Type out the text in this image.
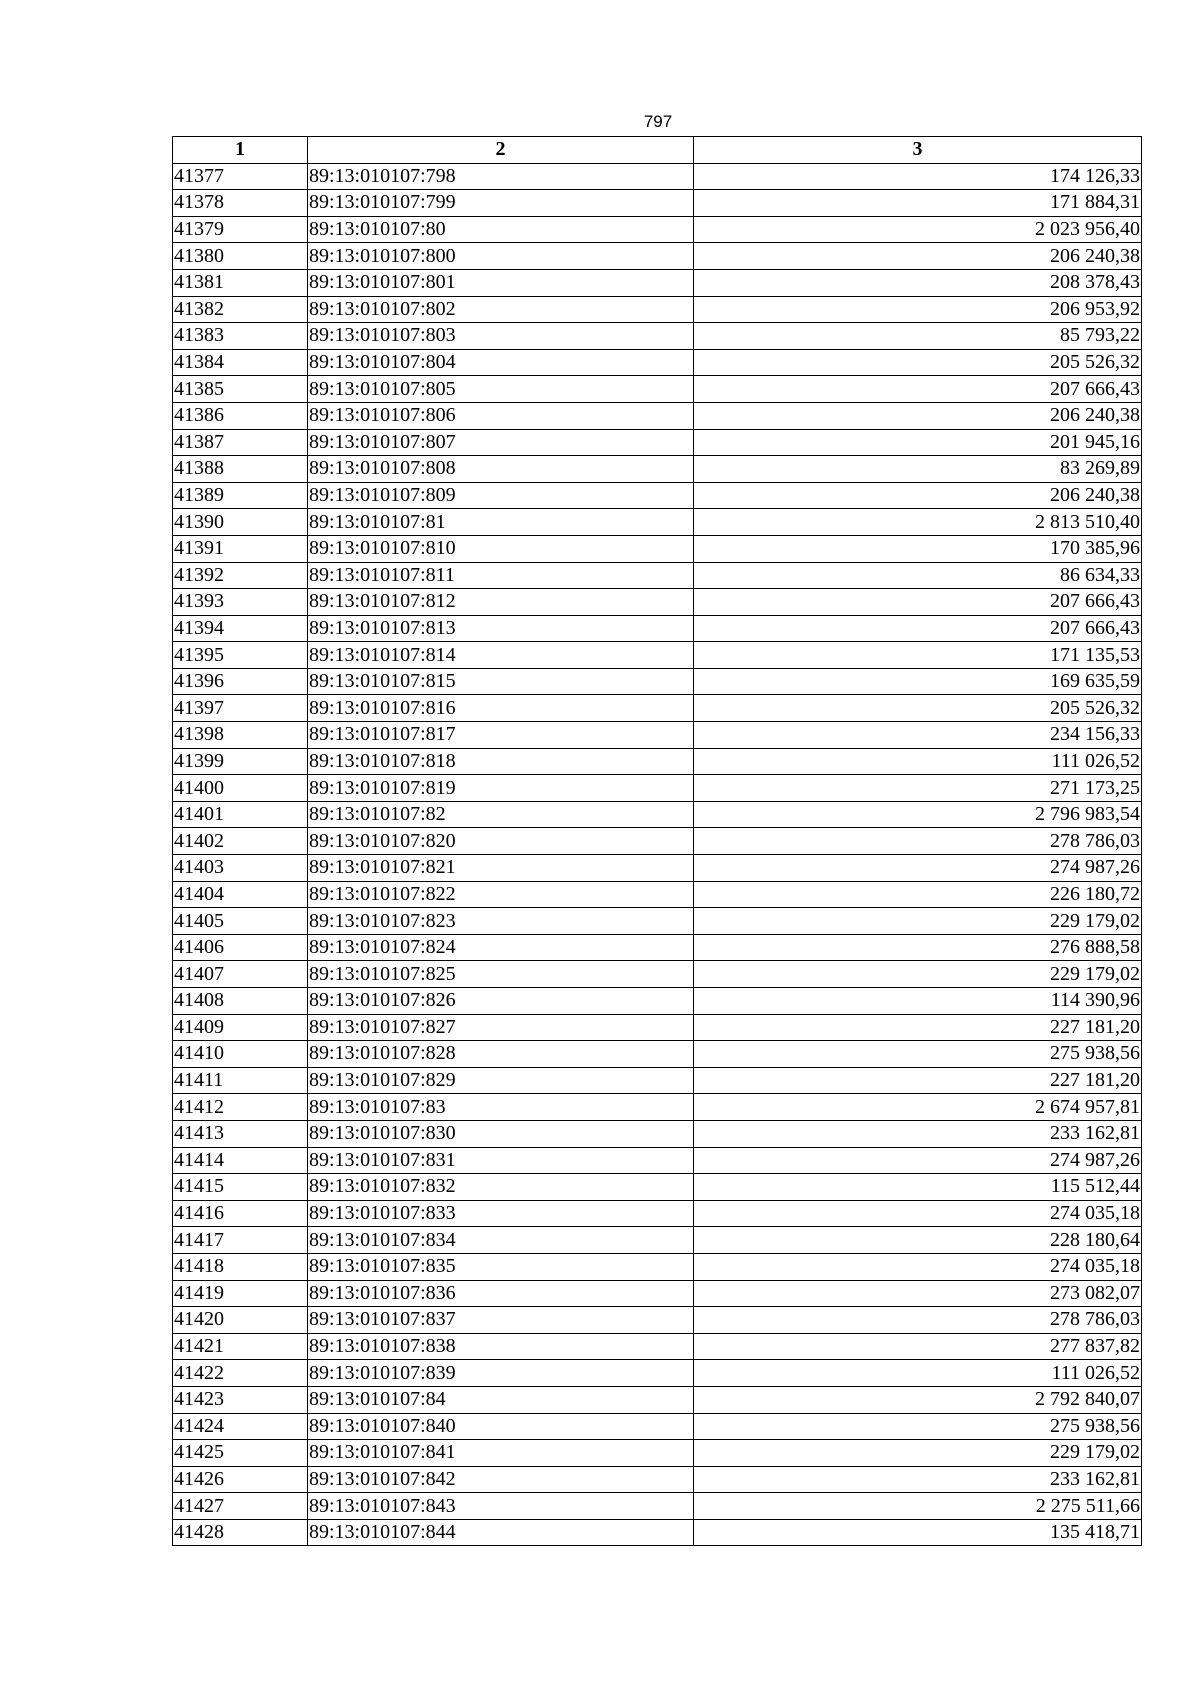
797
1	2	3
41377	89:13:010107:798	174 126,33
41378	89:13:010107:799	171 884,31
41379	89:13:010107:80	2 023 956,40
41380	89:13:010107:800	206 240,38
41381	89:13:010107:801	208 378,43
41382	89:13:010107:802	206 953,92
41383	89:13:010107:803	85 793,22
41384	89:13:010107:804	205 526,32
41385	89:13:010107:805	207 666,43
41386	89:13:010107:806	206 240,38
41387	89:13:010107:807	201 945,16
41388	89:13:010107:808	83 269,89
41389	89:13:010107:809	206 240,38
41390	89:13:010107:81	2 813 510,40
41391	89:13:010107:810	170 385,96
41392	89:13:010107:811	86 634,33
41393	89:13:010107:812	207 666,43
41394	89:13:010107:813	207 666,43
41395	89:13:010107:814	171 135,53
41396	89:13:010107:815	169 635,59
41397	89:13:010107:816	205 526,32
41398	89:13:010107:817	234 156,33
41399	89:13:010107:818	111 026,52
41400	89:13:010107:819	271 173,25
41401	89:13:010107:82	2 796 983,54
41402	89:13:010107:820	278 786,03
41403	89:13:010107:821	274 987,26
41404	89:13:010107:822	226 180,72
41405	89:13:010107:823	229 179,02
41406	89:13:010107:824	276 888,58
41407	89:13:010107:825	229 179,02
41408	89:13:010107:826	114 390,96
41409	89:13:010107:827	227 181,20
41410	89:13:010107:828	275 938,56
41411	89:13:010107:829	227 181,20
41412	89:13:010107:83	2 674 957,81
41413	89:13:010107:830	233 162,81
41414	89:13:010107:831	274 987,26
41415	89:13:010107:832	115 512,44
41416	89:13:010107:833	274 035,18
41417	89:13:010107:834	228 180,64
41418	89:13:010107:835	274 035,18
41419	89:13:010107:836	273 082,07
41420	89:13:010107:837	278 786,03
41421	89:13:010107:838	277 837,82
41422	89:13:010107:839	111 026,52
41423	89:13:010107:84	2 792 840,07
41424	89:13:010107:840	275 938,56
41425	89:13:010107:841	229 179,02
41426	89:13:010107:842	233 162,81
41427	89:13:010107:843	2 275 511,66
41428	89:13:010107:844	135 418,71
